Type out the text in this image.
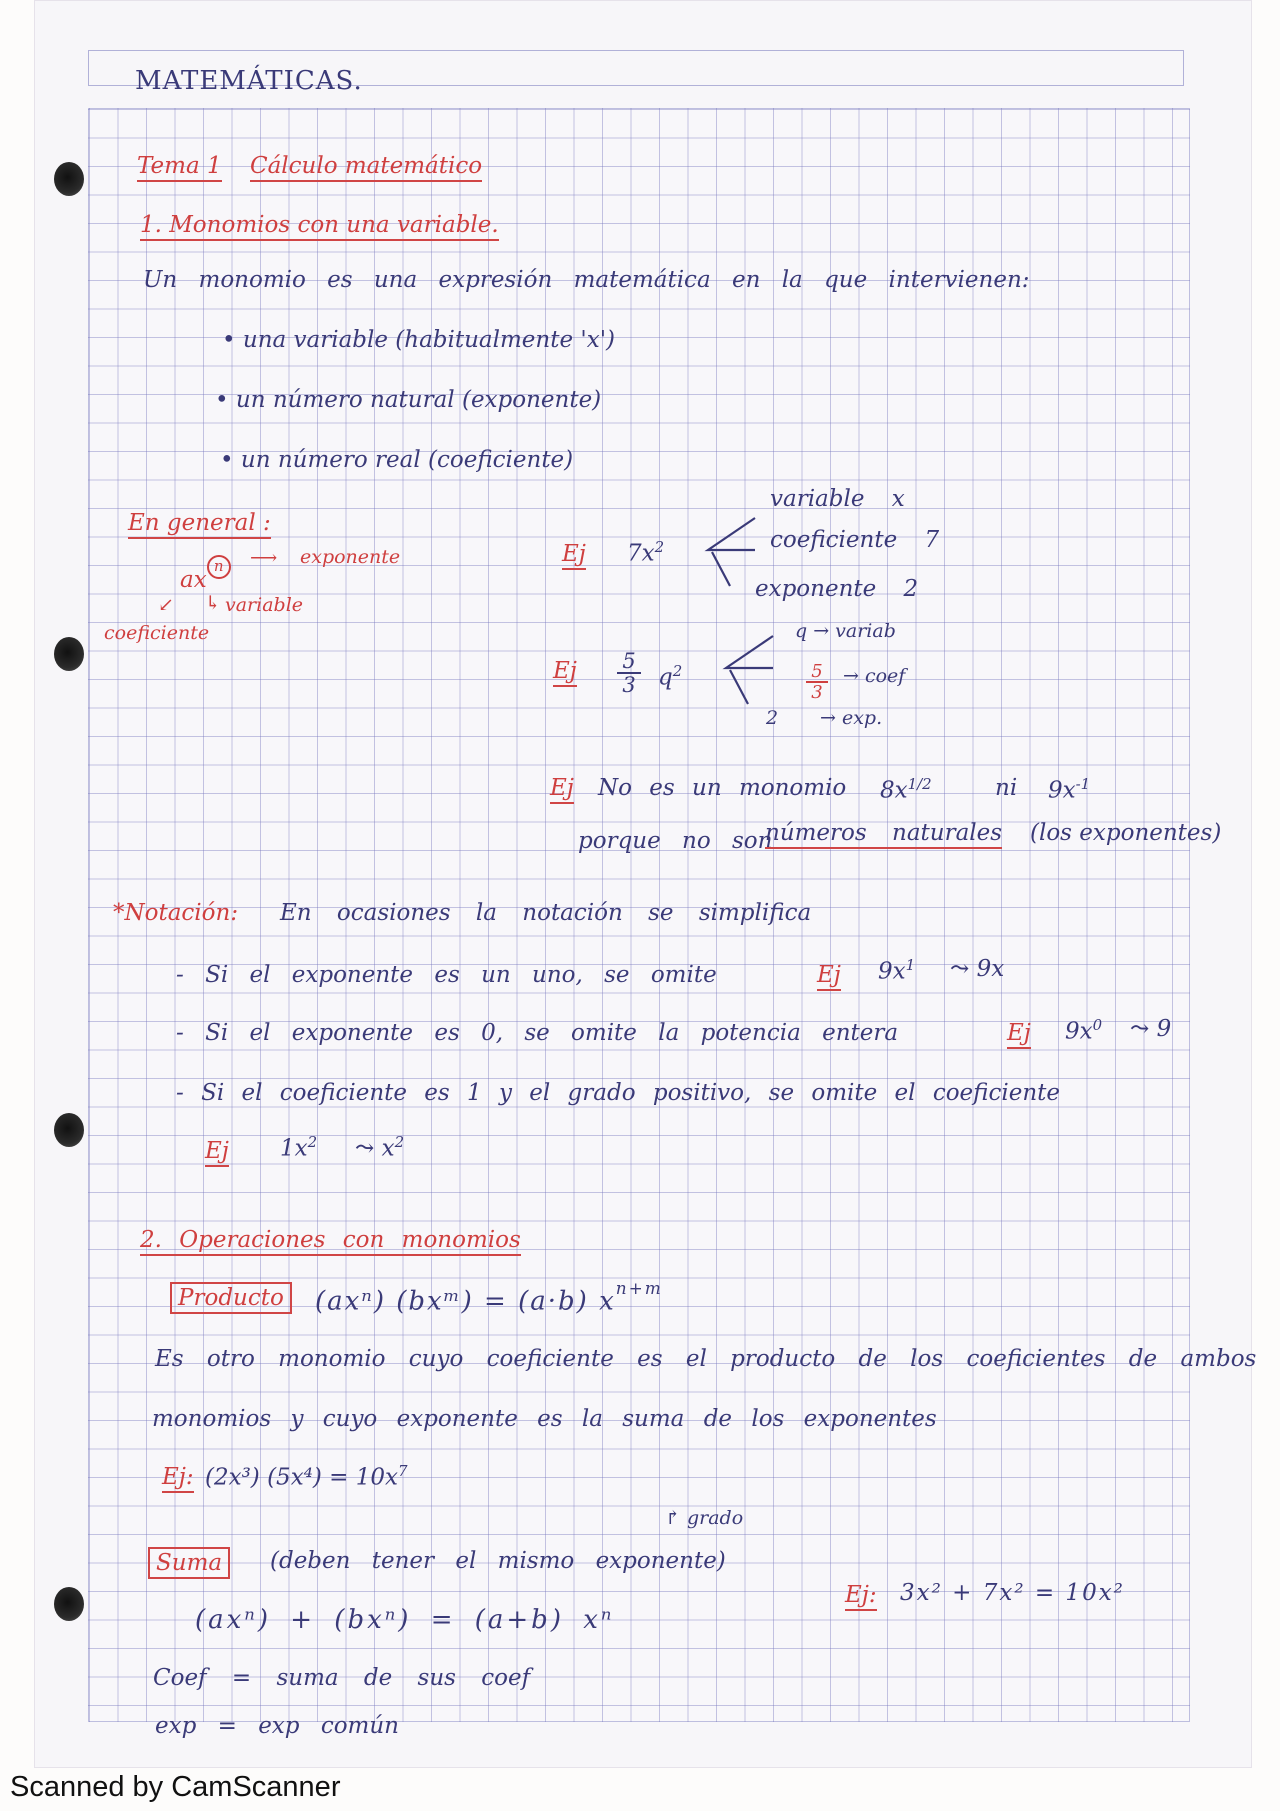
MATEMÁTICAS.
Tema 1 Cálculo matemático
1. Monomios con una variable.
Un monomio es una expresión matemática en la que intervienen:
• una variable (habitualmente 'x')
• un número natural (exponente)
• un número real (coeficiente)
En general :
axn	⟶ exponente
↳ variable
↙
coeficiente
Ej $7x^2$
variable x
coeficiente 7
exponente 2
Ej $\frac{5}{3} q^2$
q → variab
$\frac{5}{3}$ → coef
2 → exp.
Ej No es un monomio $8x^{1/2}$	ni $9x^{-1}$
porque no son
números naturales (los exponentes)
*Notación: En ocasiones la notación se simplifica
- Si el exponente es un uno, se omite	Ej $9x^1$ ⤳ 9x
- Si el exponente es 0, se omite la potencia entera	Ej $9x^0$ ⤳ 9
- Si el coeficiente es 1 y el grado positivo, se omite el coeficiente
Ej $1x^2$ ⤳ $x^2$
2. Operaciones con monomios
Producto	(axⁿ) (bxᵐ) = (a·b) $x^{n+m}$
Es otro monomio cuyo coeficiente es el producto de los coeficientes de ambos
monomios y cuyo exponente es la suma de los exponentes
Ej: (2x³) $(5x^4) = 10x^7$
↱ grado
Suma	(deben tener el mismo exponente)
(axⁿ) + (bxⁿ) = (a+b) xⁿ
Ej: 3x² + 7x² = 10x²
Coef = suma de sus coef
exp = exp común
Scanned by CamScanner
